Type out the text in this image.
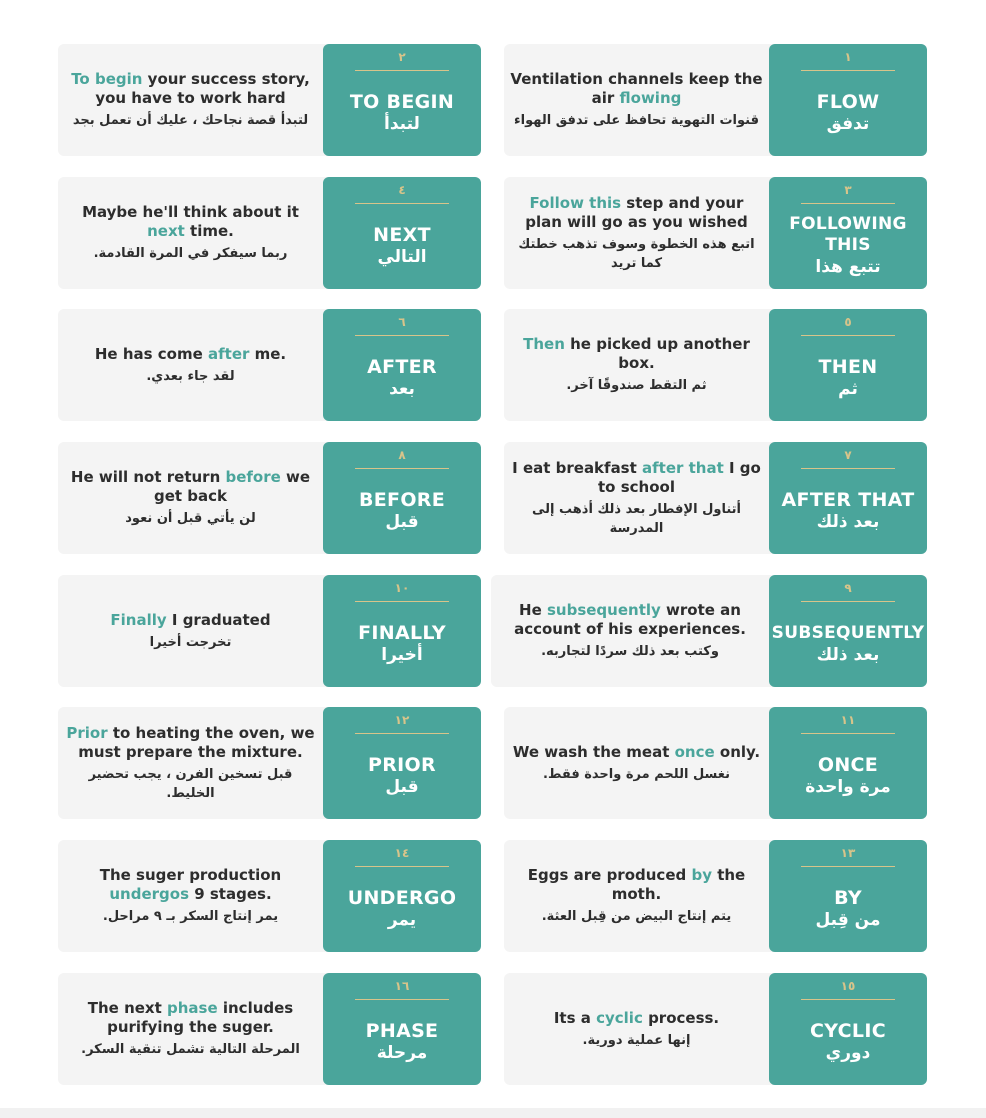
Ventilation channels keep the air flowing
قنوات التهوية تحافظ على تدفق الهواء
١
FLOW
تدفق
To begin your success story, you have to work hard
لتبدأ قصة نجاحك ، عليك أن تعمل بجد
٢
TO BEGIN
لتبدأ
Follow this step and your plan will go as you wished
اتبع هذه الخطوة وسوف تذهب خطتك كما تريد
٣
FOLLOWING THIS
تتبع هذا
Maybe he'll think about it next time.
ربما سيفكر في المرة القادمة.
٤
NEXT
التالي
Then he picked up another box.
ثم التقط صندوقًا آخر.
٥
THEN
ثم
He has come after me.
لقد جاء بعدي.
٦
AFTER
بعد
I eat breakfast after that I go to school
أتناول الإفطار بعد ذلك أذهب إلى المدرسة
٧
AFTER THAT
بعد ذلك
He will not return before we get back
لن يأتي قبل أن نعود
٨
BEFORE
قبل
He subsequently wrote an account of his experiences.
وكتب بعد ذلك سردًا لتجاربه.
٩
SUBSEQUENTLY
بعد ذلك
Finally I graduated
تخرجت أخيرا
١٠
FINALLY
أخيرا
We wash the meat once only.
نغسل اللحم مرة واحدة فقط.
١١
ONCE
مرة واحدة
Prior to heating the oven, we must prepare the mixture.
قبل تسخين الفرن ، يجب تحضير الخليط.
١٢
PRIOR
قبل
Eggs are produced by the moth.
يتم إنتاج البيض من قِبل العثة.
١٣
BY
من قِبل
The suger production undergos 9 stages.
يمر إنتاج السكر بـ ٩ مراحل.
١٤
UNDERGO
يمر
Its a cyclic process.
إنها عملية دورية.
١٥
CYCLIC
دوري
The next phase includes purifying the suger.
المرحلة التالية تشمل تنقية السكر.
١٦
PHASE
مرحلة
